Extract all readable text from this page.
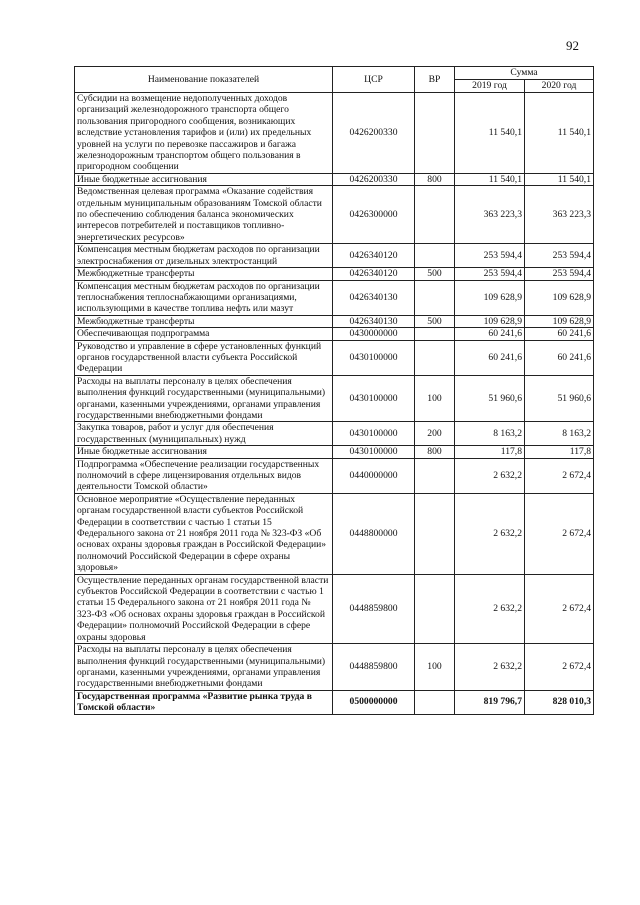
92
Наименование показателей	ЦСР	ВР	Сумма	
			2019 год	2020 год
Субсидии на возмещение недополученных доходов организаций железнодорожного транспорта общего пользования пригородного сообщения, возникающих вследствие установления тарифов и (или) их предельных уровней на услуги по перевозке пассажиров и багажа железнодорожным транспортом общего пользования в пригородном сообщении	0426200330		11 540,1	11 540,1
Иные бюджетные ассигнования	0426200330	800	11 540,1	11 540,1
Ведомственная целевая программа «Оказание содействия отдельным муниципальным образованиям Томской области по обеспечению соблюдения баланса экономических интересов потребителей и поставщиков топливно-энергетических ресурсов»	0426300000		363 223,3	363 223,3
Компенсация местным бюджетам расходов по организации электроснабжения от дизельных электростанций	0426340120		253 594,4	253 594,4
Межбюджетные трансферты	0426340120	500	253 594,4	253 594,4
Компенсация местным бюджетам расходов по организации теплоснабжения теплоснабжающими организациями, использующими в качестве топлива нефть или мазут	0426340130		109 628,9	109 628,9
Межбюджетные трансферты	0426340130	500	109 628,9	109 628,9
Обеспечивающая подпрограмма	0430000000		60 241,6	60 241,6
Руководство и управление в сфере установленных функций органов государственной власти субъекта Российской Федерации	0430100000		60 241,6	60 241,6
Расходы на выплаты персоналу в целях обеспечения выполнения функций государственными (муниципальными) органами, казенными учреждениями, органами управления государственными внебюджетными фондами	0430100000	100	51 960,6	51 960,6
Закупка товаров, работ и услуг для обеспечения государственных (муниципальных) нужд	0430100000	200	8 163,2	8 163,2
Иные бюджетные ассигнования	0430100000	800	117,8	117,8
Подпрограмма «Обеспечение реализации государственных полномочий в сфере лицензирования отдельных видов деятельности Томской области»	0440000000		2 632,2	2 672,4
Основное мероприятие «Осуществление переданных органам государственной власти субъектов Российской Федерации в соответствии с частью 1 статьи 15 Федерального закона от 21 ноября 2011 года № 323-ФЗ «Об основах охраны здоровья граждан в Российской Федерации» полномочий Российской Федерации в сфере охраны здоровья»	0448800000		2 632,2	2 672,4
Осуществление переданных органам государственной власти субъектов Российской Федерации в соответствии с частью 1 статьи 15 Федерального закона от 21 ноября 2011 года № 323-ФЗ «Об основах охраны здоровья граждан в Российской Федерации» полномочий Российской Федерации в сфере охраны здоровья	0448859800		2 632,2	2 672,4
Расходы на выплаты персоналу в целях обеспечения выполнения функций государственными (муниципальными) органами, казенными учреждениями, органами управления государственными внебюджетными фондами	0448859800	100	2 632,2	2 672,4
Государственная программа «Развитие рынка труда в Томской области»	0500000000		819 796,7	828 010,3
